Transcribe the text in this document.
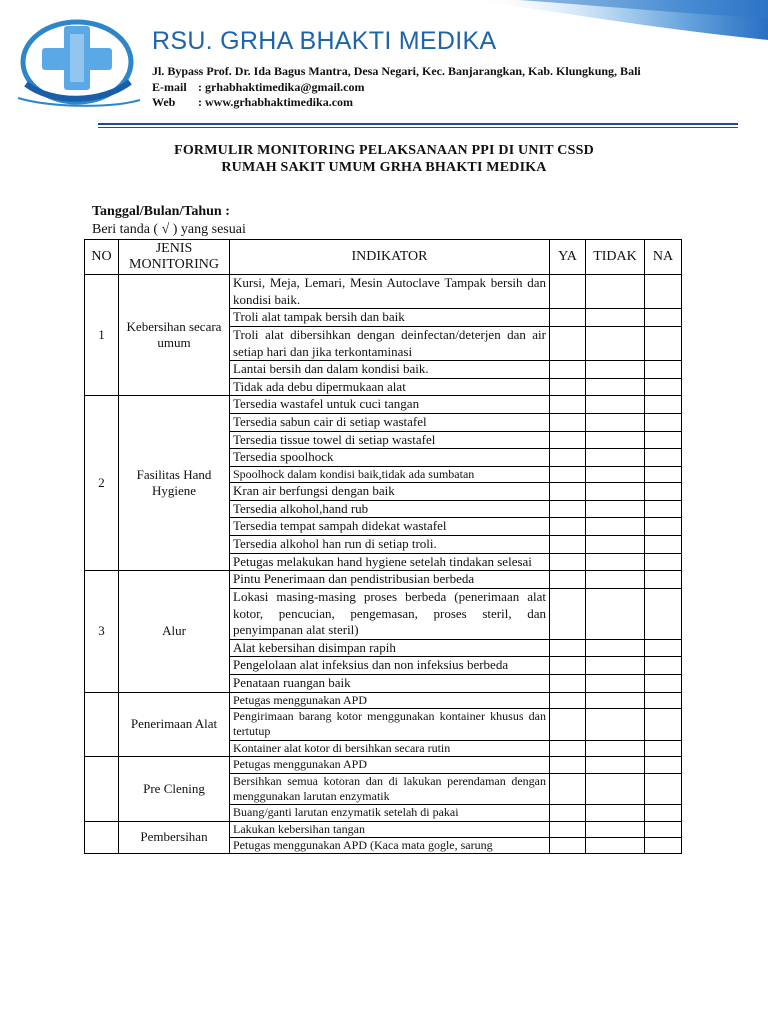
RSU. GRHA BHAKTI MEDIKA
Jl. Bypass Prof. Dr. Ida Bagus Mantra, Desa Negari, Kec. Banjarangkan, Kab. Klungkung, Bali
E-mail : grhabhaktimedika@gmail.com
Web : www.grhabhaktimedika.com
FORMULIR MONITORING PELAKSANAAN PPI DI UNIT CSSD
RUMAH SAKIT UMUM GRHA BHAKTI MEDIKA
Tanggal/Bulan/Tahun :
Beri tanda ( √ ) yang sesuai
NO	JENIS MONITORING	INDIKATOR	YA	TIDAK	NA
1	Kebersihan secara umum	Kursi, Meja, Lemari, Mesin Autoclave Tampak bersih dan kondisi baik.			
		Troli alat tampak bersih dan baik			
		Troli alat dibersihkan dengan deinfectan/deterjen dan air setiap hari dan jika terkontaminasi			
		Lantai bersih dan dalam kondisi baik.			
		Tidak ada debu dipermukaan alat			
2	Fasilitas Hand Hygiene	Tersedia wastafel untuk cuci tangan			
		Tersedia sabun cair di setiap wastafel			
		Tersedia tissue towel di setiap wastafel			
		Tersedia spoolhock			
		Spoolhock dalam kondisi baik,tidak ada sumbatan			
		Kran air berfungsi dengan baik			
		Tersedia alkohol,hand rub			
		Tersedia tempat sampah didekat wastafel			
		Tersedia alkohol han run di setiap troli.			
		Petugas melakukan hand hygiene setelah tindakan selesai			
3	Alur	Pintu Penerimaan dan pendistribusian berbeda			
		Lokasi masing-masing proses berbeda (penerimaan alat kotor, pencucian, pengemasan, proses steril, dan penyimpanan alat steril)			
		Alat kebersihan disimpan rapih			
		Pengelolaan alat infeksius dan non infeksius berbeda			
		Penataan ruangan baik			
	Penerimaan Alat	Petugas menggunakan APD			
		Pengirimaan barang kotor menggunakan kontainer khusus dan tertutup			
		Kontainer alat kotor di bersihkan secara rutin			
	Pre Clening	Petugas menggunakan APD			
		Bersihkan semua kotoran dan di lakukan perendaman dengan menggunakan larutan enzymatik			
		Buang/ganti larutan enzymatik setelah di pakai			
	Pembersihan	Lakukan kebersihan tangan			
		Petugas menggunakan APD (Kaca mata gogle, sarung			
